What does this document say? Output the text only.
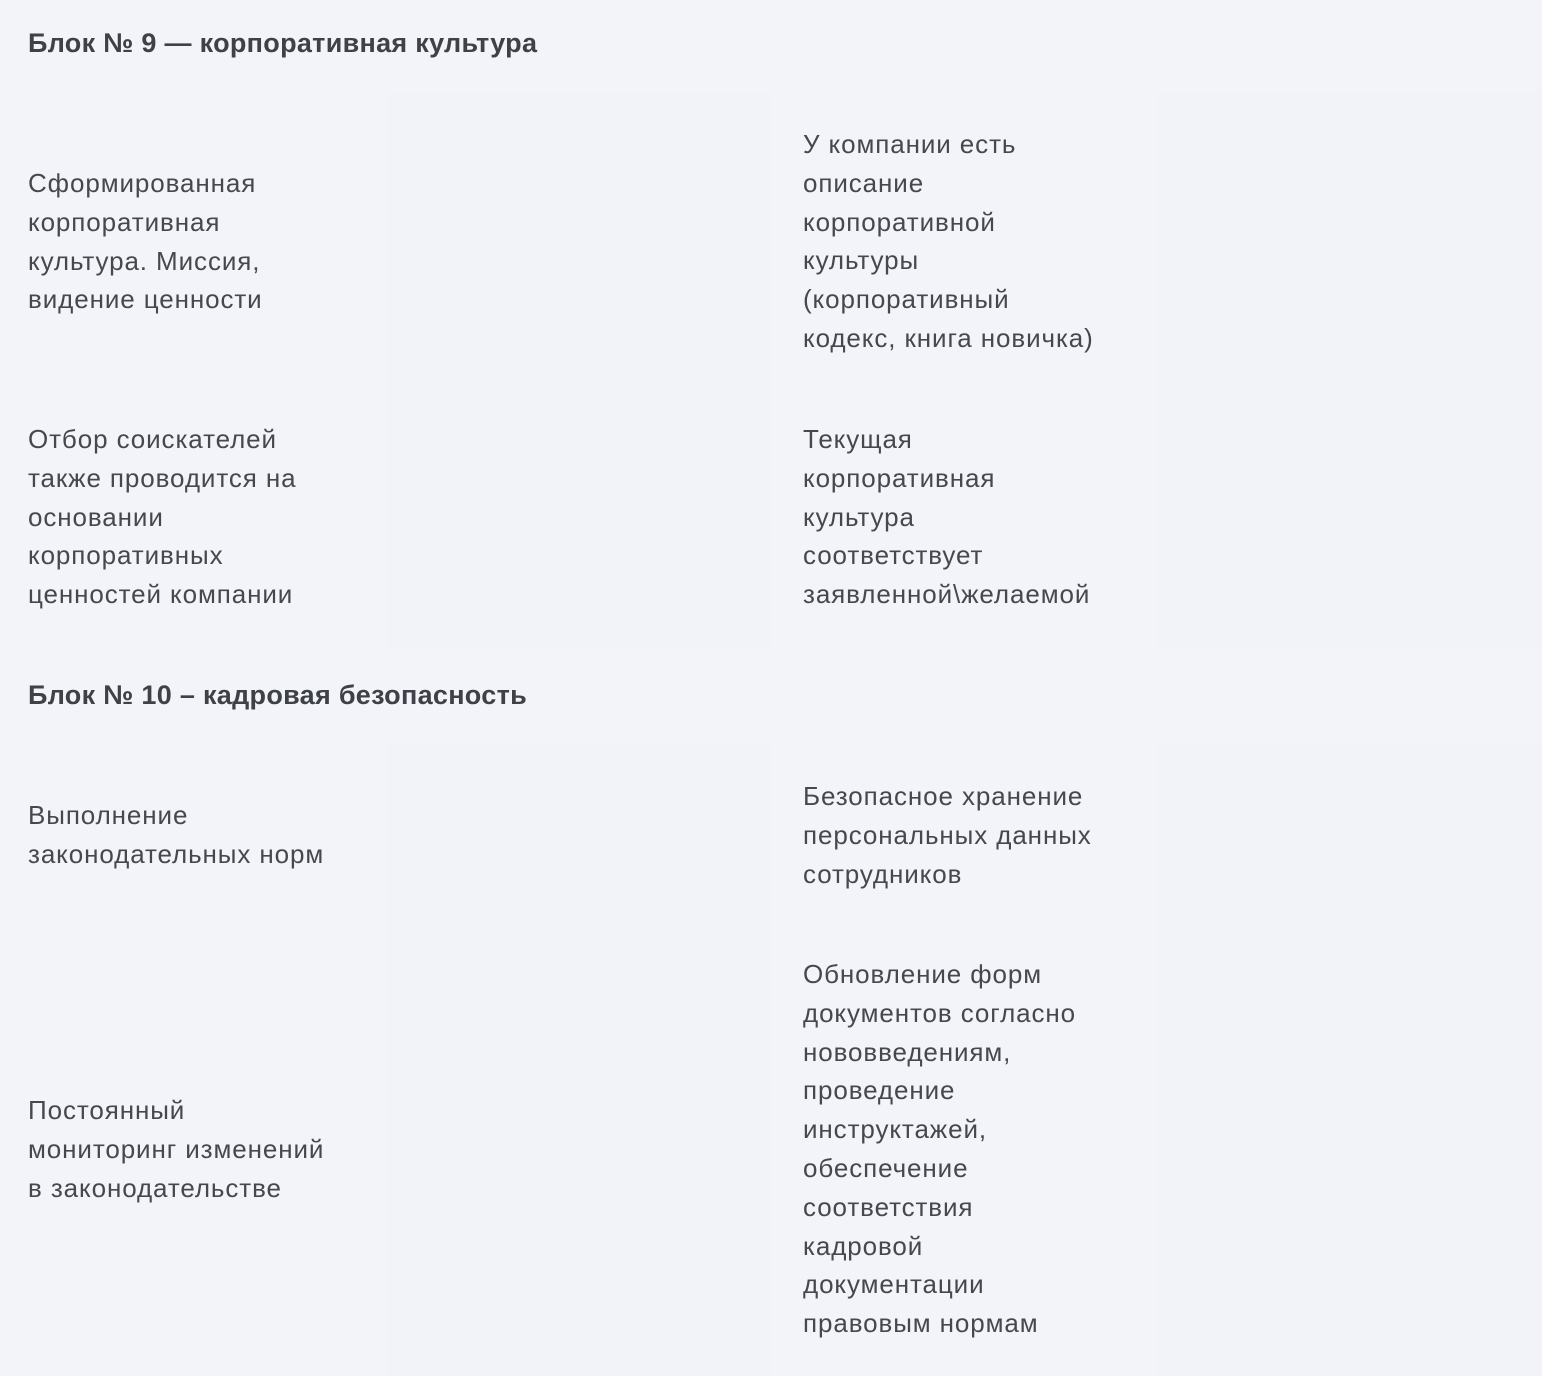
Блок № 9 — корпоративная культура

Сформированная
корпоративная
культура. Миссия,
видение ценности

У компании есть
описание
корпоративной
культуры
(корпоративный
кодекс, книга новичка)

Отбор соискателей
также проводится на
основании
корпоративных
ценностей компании

Текущая
корпоративная
культура
соответствует
заявленной\желаемой

Блок № 10 – кадровая безопасность

Выполнение
законодательных норм

Безопасное хранение
персональных данных
сотрудников

Постоянный
мониторинг изменений
в законодательстве

Обновление форм
документов согласно
нововведениям,
проведение
инструктажей,
обеспечение
соответствия
кадровой
документации
правовым нормам
